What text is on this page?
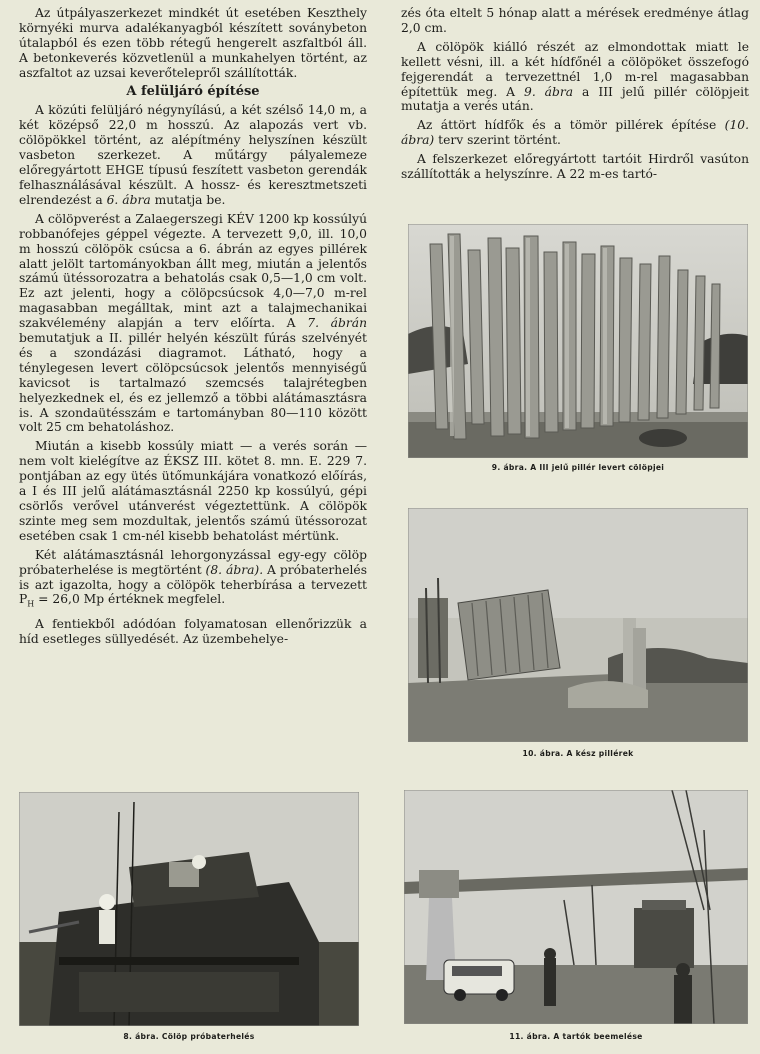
Az útpályaszerkezet mindkét út esetében Keszthely környéki murva adalékanyagból készített soványbeton útalapból és ezen több rétegű hengerelt aszfaltból áll. A betonkeverés közvetlenül a munkahelyen történt, az aszfaltot az uzsai keverőtelepről szállították.

A felüljáró építése

A közúti felüljáró négynyílású, a két szélső 14,0 m, a két középső 22,0 m hosszú. Az alapozás vert vb. cölöpökkel történt, az alépítmény helyszínen készült vasbeton szerkezet. A műtárgy pályalemeze előregyártott EHGE típusú feszített vasbeton gerendák felhasználásával készült. A hossz- és keresztmetszeti elrendezést a 6. ábra mutatja be.

A cölöpverést a Zalaegerszegi KÉV 1200 kp kossúlyú robbanófejes géppel végezte. A tervezett 9,0, ill. 10,0 m hosszú cölöpök csúcsa a 6. ábrán az egyes pillérek alatt jelölt tartományokban állt meg, miután a jelentős számú ütéssorozatra a behatolás csak 0,5—1,0 cm volt. Ez azt jelenti, hogy a cölöpcsúcsok 4,0—7,0 m-rel magasabban megálltak, mint azt a talajmechanikai szakvélemény alapján a terv előírta. A 7. ábrán bemutatjuk a II. pillér helyén készült fúrás szelvényét és a szondázási diagramot. Látható, hogy a ténylegesen levert cölöpcsúcsok jelentős mennyiségű kavicsot is tartalmazó szemcsés talajrétegben helyezkednek el, és ez jellemző a többi alátámasztásra is. A szondaütésszám e tartományban 80—110 között volt 25 cm behatoláshoz.

Miután a kisebb kossúly miatt — a verés során — nem volt kielégítve az ÉKSZ III. kötet 8. mn. E. 229 7. pontjában az egy ütés ütőmunkájára vonatkozó előírás, a I és III jelű alátámasztásnál 2250 kp kossúlyú, gépi csörlős verővel utánverést végeztettünk. A cölöpök szinte meg sem mozdultak, jelentős számú ütéssorozat esetében csak 1 cm-nél kisebb behatolást mértünk.

Két alátámasztásnál lehorgonyzással egy-egy cölöp próbaterhelése is megtörtént (8. ábra). A próbaterhelés is azt igazolta, hogy a cölöpök teherbírása a tervezett $P_H = 26,0$ Mp értéknek megfelel.

A fentiekből adódóan folyamatosan ellenőrizzük a híd esetleges süllyedését. Az üzembehelye-

zés óta eltelt 5 hónap alatt a mérések eredménye átlag 2,0 cm.

A cölöpök kiálló részét az elmondottak miatt le kellett vésni, ill. a két hídfőnél a cölöpöket összefogó fejgerendát a tervezettnél 1,0 m-rel magasabban építettük meg. A 9. ábra a III jelű pillér cölöpjeit mutatja a verés után.

Az áttört hídfők és a tömör pillérek építése (10. ábra) terv szerint történt.

A felszerkezet előregyártott tartóit Hirdről vasúton szállították a helyszínre. A 22 m-es tartó-

9. ábra. A III jelű pillér levert cölöpjei
10. ábra. A kész pillérek
8. ábra. Cölöp próbaterhelés	11. ábra. A tartók beemelése
